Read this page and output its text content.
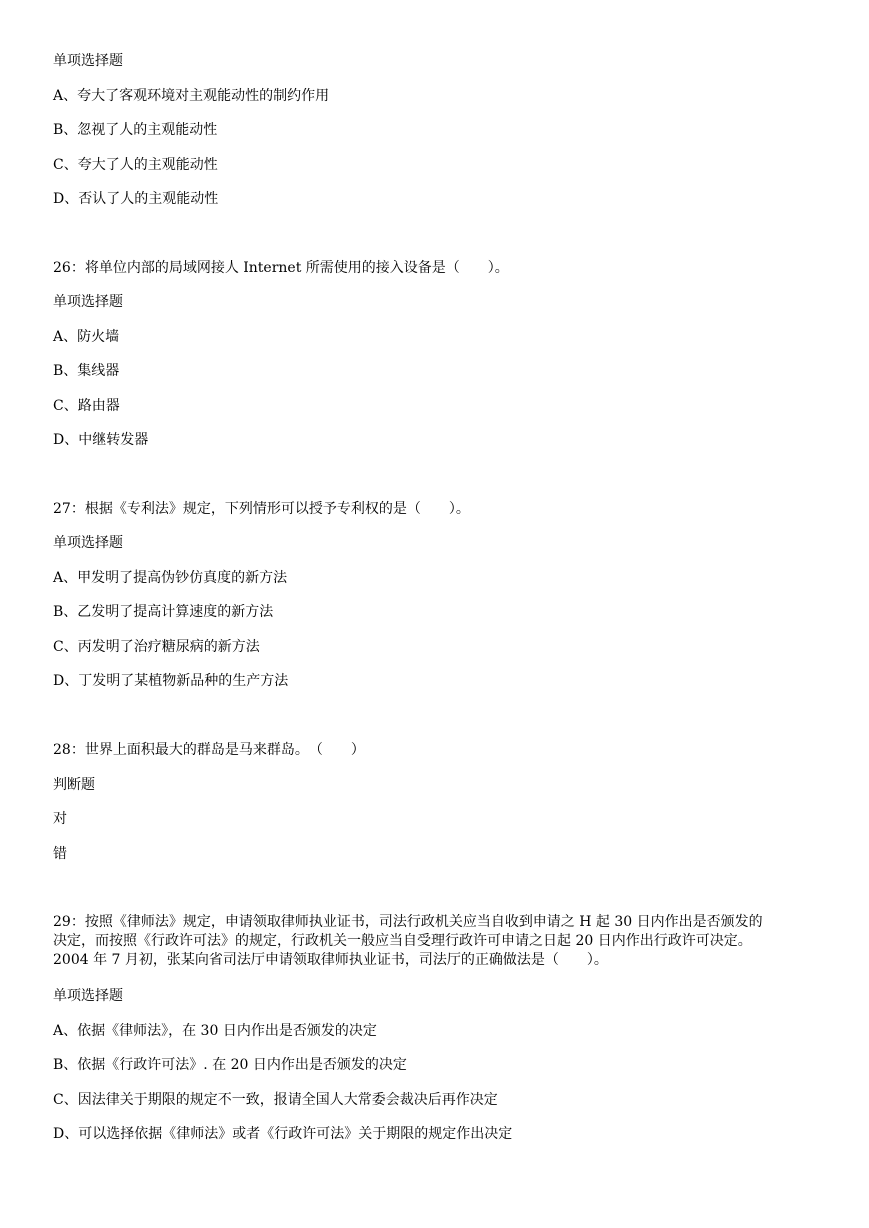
单项选择题
A、夸大了客观环境对主观能动性的制约作用
B、忽视了人的主观能动性
C、夸大了人的主观能动性
D、否认了人的主观能动性
26：将单位内部的局域网接人 Internet 所需使用的接入设备是（　　）。
单项选择题
A、防火墙
B、集线器
C、路由器
D、中继转发器
27：根据《专利法》规定，下列情形可以授予专利权的是（　　）。
单项选择题
A、甲发明了提高伪钞仿真度的新方法
B、乙发明了提高计算速度的新方法
C、丙发明了治疗糖尿病的新方法
D、丁发明了某植物新品种的生产方法
28：世界上面积最大的群岛是马来群岛。　（　　）
判断题
对
错
29：按照《律师法》规定，申请领取律师执业证书，司法行政机关应当自收到申请之 H 起 30 日内作出是否颁发的
决定，而按照《行政许可法》的规定，行政机关一般应当自受理行政许可申请之日起 20 日内作出行政许可决定。
2004 年 7 月初，张某向省司法厅申请领取律师执业证书，司法厅的正确做法是（　　）。
单项选择题
A、依据《律师法》，在 30 日内作出是否颁发的决定
B、依据《行政许可法》. 在 20 日内作出是否颁发的决定
C、因法律关于期限的规定不一致，报请全国人大常委会裁决后再作决定
D、可以选择依据《律师法》或者《行政许可法》关于期限的规定作出决定
